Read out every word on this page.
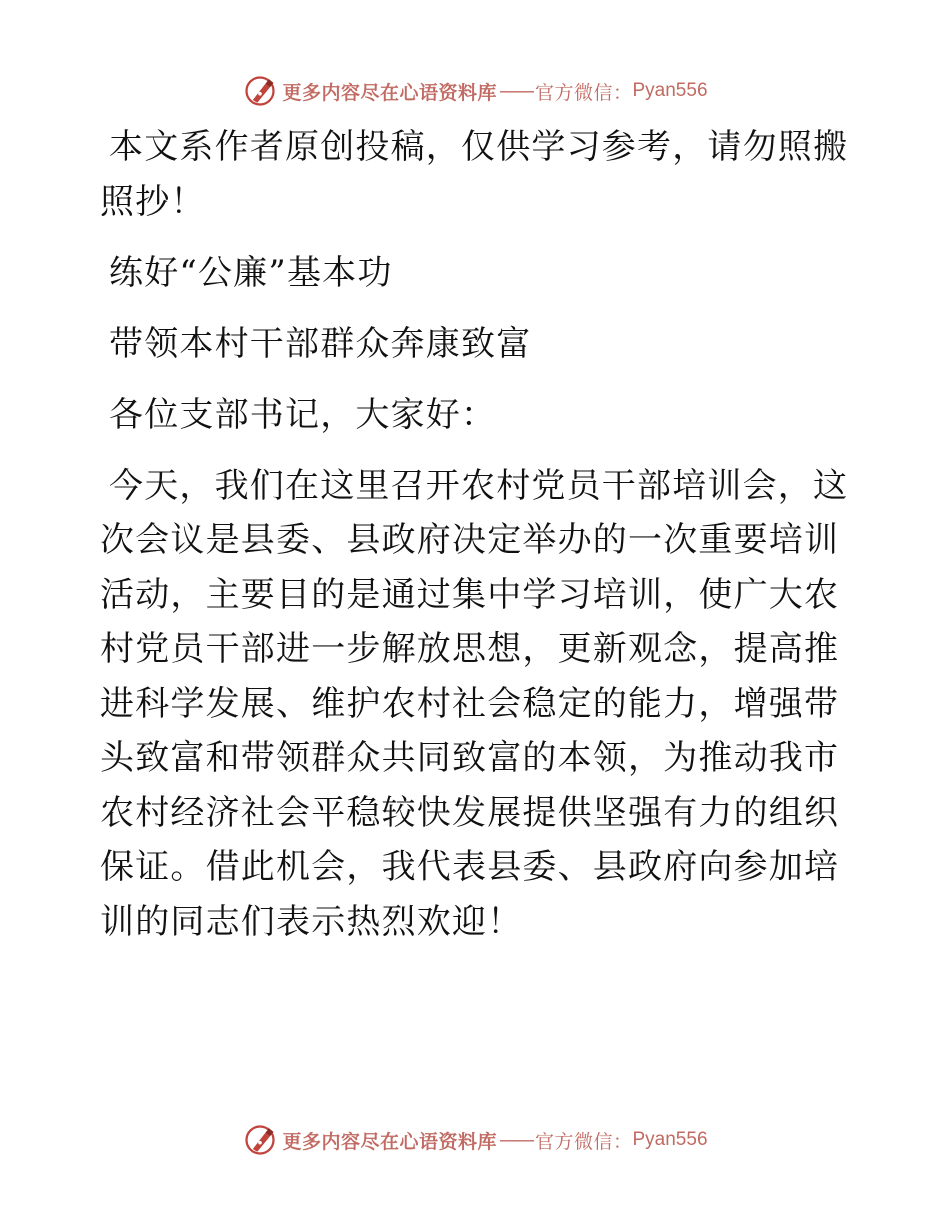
更多内容尽在心语资料库 —— 官方微信： Pyan556

本文系作者原创投稿，仅供学习参考，请勿照搬照抄！

练好“公廉”基本功

带领本村干部群众奔康致富

各位支部书记，大家好：

今天，我们在这里召开农村党员干部培训会，这次会议是县委、县政府决定举办的一次重要培训活动，主要目的是通过集中学习培训，使广大农村党员干部进一步解放思想，更新观念，提高推进科学发展、维护农村社会稳定的能力，增强带头致富和带领群众共同致富的本领，为推动我市农村经济社会平稳较快发展提供坚强有力的组织保证。借此机会，我代表县委、县政府向参加培训的同志们表示热烈欢迎！

更多内容尽在心语资料库 —— 官方微信： Pyan556
